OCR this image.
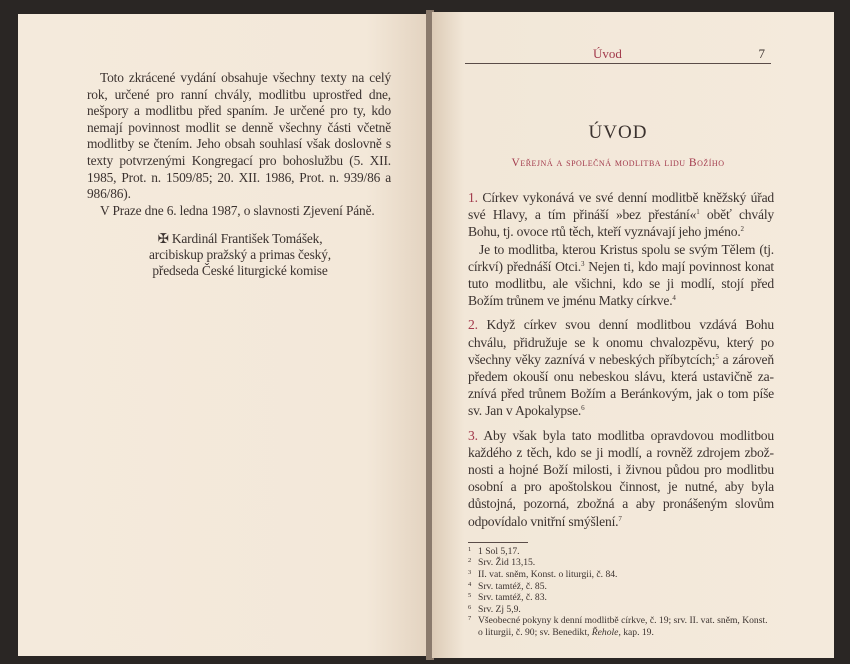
Toto zkrácené vydání obsahuje všechny texty na celý rok, určené pro ranní chvály, modlitbu uprostřed dne, nešpory a modlitbu před spaním. Je určené pro ty, kdo nemají povinnost modlit se denně všechny části včetně modlitby se čtením. Jeho obsah souhlasí však doslovně s texty potvrzenými Kongregací pro bohoslužbu (5. XII. 1985, Prot. n. 1509/85; 20. XII. 1986, Prot. n. 939/86 a 986/86).

V Praze dne 6. ledna 1987, o slavnosti Zjevení Páně.

✠ Kardinál František Tomášek,
arcibiskup pražský a primas český,
předseda České liturgické komise
Úvod	7
ÚVOD
Veřejná a společná modlitba lidu Božího

1. Církev vykonává ve své denní modlitbě kněžský úřad své Hlavy, a tím přináší »bez přestání«$^1$ oběť chvály Bohu, tj. ovoce rtů těch, kteří vyznávají jeho jméno.$^2$

Je to modlitba, kterou Kristus spolu se svým Tělem (tj. církví) přednáší Otci.$^3$ Nejen ti, kdo mají povinnost konat tuto modlitbu, ale všichni, kdo se ji modlí, stojí před Božím trůnem ve jménu Matky církve.$^4$

2. Když církev svou denní modlitbou vzdává Bohu chválu, přidružuje se k onomu chvalozpěvu, který po všechny věky zaznívá v nebeských příbytcích;$^5$ a zároveň předem okouší onu nebeskou slávu, která ustavičně zaznívá před trůnem Božím a Beránkovým, jak o tom píše sv. Jan v Apokalypse.$^6$

3. Aby však byla tato modlitba opravdovou modlitbou každého z těch, kdo se ji modlí, a rovněž zdrojem zbožnosti a hojné Boží milosti, i živnou půdou pro modlitbu osobní a pro apoštolskou činnost, je nutné, aby byla důstojná, pozorná, zbožná a aby pronášeným slovům odpovídalo vnitřní smýšlení.$^7$

1 1 Sol 5,17.
2 Srv. Žid 13,15.
3 II. vat. sněm, Konst. o liturgii, č. 84.
4 Srv. tamtéž, č. 85.
5 Srv. tamtéž, č. 83.
6 Srv. Zj 5,9.
7 Všeobecné pokyny k denní modlitbě církve, č. 19; srv. II. vat. sněm, Konst. o liturgii, č. 90; sv. Benedikt, Řehole, kap. 19.
